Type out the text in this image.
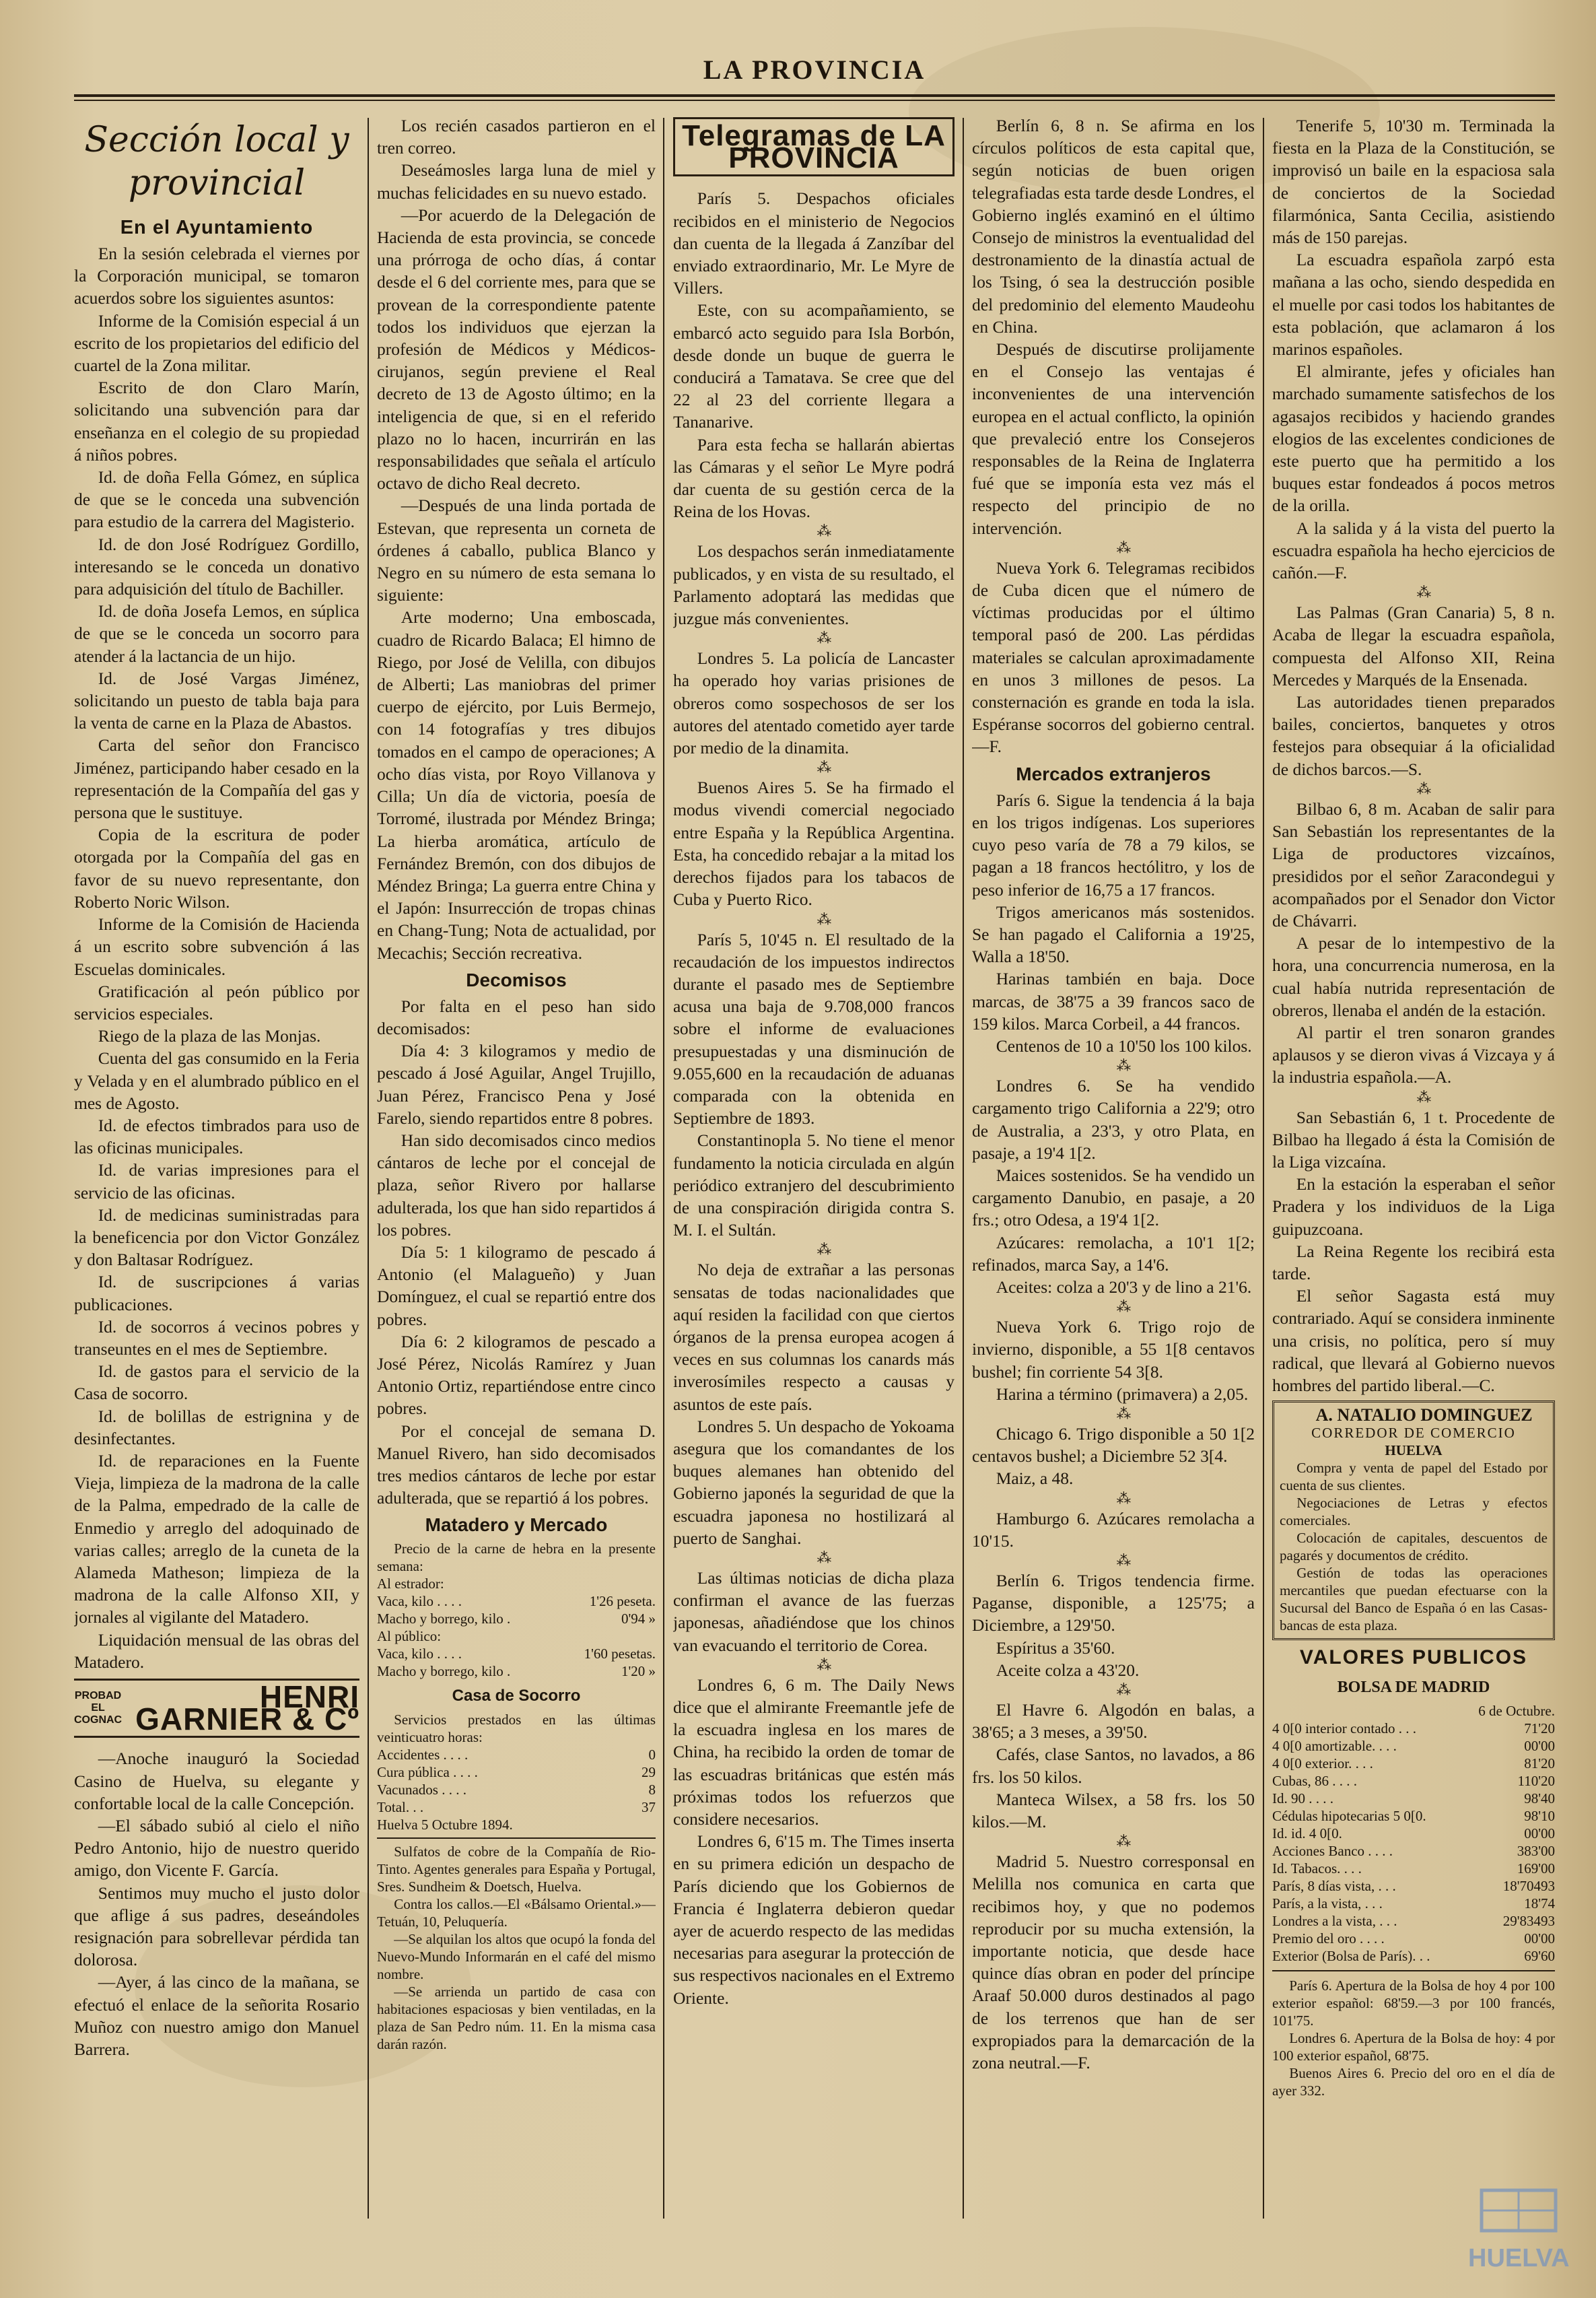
LA PROVINCIA

Sección local y provincial

En el Ayuntamiento

En la sesión celebrada el viernes por la Corporación municipal, se tomaron acuerdos sobre los siguientes asuntos:

Informe de la Comisión especial á un escrito de los propietarios del edificio del cuartel de la Zona militar.

Escrito de don Claro Marín, solicitando una subvención para dar enseñanza en el colegio de su propiedad á niños pobres.

Id. de doña Fella Gómez, en súplica de que se le conceda una subvención para estudio de la carrera del Magisterio.

Id. de don José Rodríguez Gordillo, interesando se le conceda un donativo para adquisición del título de Bachiller.

Id. de doña Josefa Lemos, en súplica de que se le conceda un socorro para atender á la lactancia de un hijo.

Id. de José Vargas Jiménez, solicitando un puesto de tabla baja para la venta de carne en la Plaza de Abastos.

Carta del señor don Francisco Jiménez, participando haber cesado en la representación de la Compañía del gas y persona que le sustituye.

Copia de la escritura de poder otorgada por la Compañía del gas en favor de su nuevo representante, don Roberto Noric Wilson.

Informe de la Comisión de Hacienda á un escrito sobre subvención á las Escuelas dominicales.

Gratificación al peón público por servicios especiales.

Riego de la plaza de las Monjas.

Cuenta del gas consumido en la Feria y Velada y en el alumbrado público en el mes de Agosto.

Id. de efectos timbrados para uso de las oficinas municipales.

Id. de varias impresiones para el servicio de las oficinas.

Id. de medicinas suministradas para la beneficencia por don Victor González y don Baltasar Rodríguez.

Id. de suscripciones á varias publicaciones.

Id. de socorros á vecinos pobres y transeuntes en el mes de Septiembre.

Id. de gastos para el servicio de la Casa de socorro.

Id. de bolillas de estrignina y de desinfectantes.

Id. de reparaciones en la Fuente Vieja, limpieza de la madrona de la calle de la Palma, empedrado de la calle de Enmedio y arreglo del adoquinado de varias calles; arreglo de la cuneta de la Alameda Matheson; limpieza de la madrona de la calle Alfonso XII, y jornales al vigilante del Matadero.

Liquidación mensual de las obras del Matadero.

PROBAD EL COGNAC
HENRI GARNIER & Cº

—Anoche inauguró la Sociedad Casino de Huelva, su elegante y confortable local de la calle Concepción.

—El sábado subió al cielo el niño Pedro Antonio, hijo de nuestro querido amigo, don Vicente F. García.

Sentimos muy mucho el justo dolor que aflige á sus padres, deseándoles resignación para sobrellevar pérdida tan dolorosa.

—Ayer, á las cinco de la mañana, se efectuó el enlace de la señorita Rosario Muñoz con nuestro amigo don Manuel Barrera.

Los recién casados partieron en el tren correo.

Deseámosles larga luna de miel y muchas felicidades en su nuevo estado.

—Por acuerdo de la Delegación de Hacienda de esta provincia, se concede una prórroga de ocho días, á contar desde el 6 del corriente mes, para que se provean de la correspondiente patente todos los individuos que ejerzan la profesión de Médicos y Médicos-cirujanos, según previene el Real decreto de 13 de Agosto último; en la inteligencia de que, si en el referido plazo no lo hacen, incurrirán en las responsabilidades que señala el artículo octavo de dicho Real decreto.

—Después de una linda portada de Estevan, que representa un corneta de órdenes á caballo, publica Blanco y Negro en su número de esta semana lo siguiente:

Arte moderno; Una emboscada, cuadro de Ricardo Balaca; El himno de Riego, por José de Velilla, con dibujos de Alberti; Las maniobras del primer cuerpo de ejército, por Luis Bermejo, con 14 fotografías y tres dibujos tomados en el campo de operaciones; A ocho días vista, por Royo Villanova y Cilla; Un día de victoria, poesía de Torromé, ilustrada por Méndez Bringa; La hierba aromática, artículo de Fernández Bremón, con dos dibujos de Méndez Bringa; La guerra entre China y el Japón: Insurrección de tropas chinas en Chang-Tung; Nota de actualidad, por Mecachis; Sección recreativa.

Decomisos

Por falta en el peso han sido decomisados:

Día 4: 3 kilogramos y medio de pescado á José Aguilar, Angel Trujillo, Juan Pérez, Francisco Pena y José Farelo, siendo repartidos entre 8 pobres.

Han sido decomisados cinco medios cántaros de leche por el concejal de plaza, señor Rivero por hallarse adulterada, los que han sido repartidos á los pobres.

Día 5: 1 kilogramo de pescado á Antonio (el Malagueño) y Juan Domínguez, el cual se repartió entre dos pobres.

Día 6: 2 kilogramos de pescado a José Pérez, Nicolás Ramírez y Juan Antonio Ortiz, repartiéndose entre cinco pobres.

Por el concejal de semana D. Manuel Rivero, han sido decomisados tres medios cántaros de leche por estar adulterada, que se repartió á los pobres.

Matadero y Mercado

Precio de la carne de hebra en la presente semana:

Al estrador:	
Vaca, kilo . . . .	1'26 peseta.
Macho y borrego, kilo .	0'94 »
Al público:	
Vaca, kilo . . . .	1'60 pesetas.
Macho y borrego, kilo .	1'20 »

Casa de Socorro

Servicios prestados en las últimas veinticuatro horas:

Accidentes . . . .	0
Cura pública . . . .	29
Vacunados . . . .	8
Total. . .	37

Huelva 5 Octubre 1894.

Sulfatos de cobre de la Compañía de Rio-Tinto. Agentes generales para España y Portugal, Sres. Sundheim & Doetsch, Huelva.

Contra los callos.—El «Bálsamo Oriental.»—Tetuán, 10, Peluquería.

—Se alquilan los altos que ocupó la fonda del Nuevo-Mundo Informarán en el café del mismo nombre.

—Se arrienda un partido de casa con habitaciones espaciosas y bien ventiladas, en la plaza de San Pedro núm. 11. En la misma casa darán razón.

Telegramas de LA PROVINCIA

París 5. Despachos oficiales recibidos en el ministerio de Negocios dan cuenta de la llegada á Zanzíbar del enviado extraordinario, Mr. Le Myre de Villers.

Este, con su acompañamiento, se embarcó acto seguido para Isla Borbón, desde donde un buque de guerra le conducirá a Tamatava. Se cree que del 22 al 23 del corriente llegara a Tananarive.

Para esta fecha se hallarán abiertas las Cámaras y el señor Le Myre podrá dar cuenta de su gestión cerca de la Reina de los Hovas.

⁂

Los despachos serán inmediatamente publicados, y en vista de su resultado, el Parlamento adoptará las medidas que juzgue más convenientes.

⁂

Londres 5. La policía de Lancaster ha operado hoy varias prisiones de obreros como sospechosos de ser los autores del atentado cometido ayer tarde por medio de la dinamita.

⁂

Buenos Aires 5. Se ha firmado el modus vivendi comercial negociado entre España y la República Argentina. Esta, ha concedido rebajar a la mitad los derechos fijados para los tabacos de Cuba y Puerto Rico.

⁂

París 5, 10'45 n. El resultado de la recaudación de los impuestos indirectos durante el pasado mes de Septiembre acusa una baja de 9.708,000 francos sobre el informe de evaluaciones presupuestadas y una disminución de 9.055,600 en la recaudación de aduanas comparada con la obtenida en Septiembre de 1893.

Constantinopla 5. No tiene el menor fundamento la noticia circulada en algún periódico extranjero del descubrimiento de una conspiración dirigida contra S. M. I. el Sultán.

⁂

No deja de extrañar a las personas sensatas de todas nacionalidades que aquí residen la facilidad con que ciertos órganos de la prensa europea acogen á veces en sus columnas los canards más inverosímiles respecto a causas y asuntos de este país.

Londres 5. Un despacho de Yokoama asegura que los comandantes de los buques alemanes han obtenido del Gobierno japonés la seguridad de que la escuadra japonesa no hostilizará al puerto de Sanghai.

⁂

Las últimas noticias de dicha plaza confirman el avance de las fuerzas japonesas, añadiéndose que los chinos van evacuando el territorio de Corea.

⁂

Londres 6, 6 m. The Daily News dice que el almirante Freemantle jefe de la escuadra inglesa en los mares de China, ha recibido la orden de tomar de las escuadras británicas que estén más próximas todos los refuerzos que considere necesarios.

Londres 6, 6'15 m. The Times inserta en su primera edición un despacho de París diciendo que los Gobiernos de Francia é Inglaterra debieron quedar ayer de acuerdo respecto de las medidas necesarias para asegurar la protección de sus respectivos nacionales en el Extremo Oriente.

Berlín 6, 8 n. Se afirma en los círculos políticos de esta capital que, según noticias de buen origen telegrafiadas esta tarde desde Londres, el Gobierno inglés examinó en el último Consejo de ministros la eventualidad del destronamiento de la dinastía actual de los Tsing, ó sea la destrucción posible del predominio del elemento Maudeohu en China.

Después de discutirse prolijamente en el Consejo las ventajas é inconvenientes de una intervención europea en el actual conflicto, la opinión que prevaleció entre los Consejeros responsables de la Reina de Inglaterra fué que se imponía esta vez más el respecto del principio de no intervención.

⁂

Nueva York 6. Telegramas recibidos de Cuba dicen que el número de víctimas producidas por el último temporal pasó de 200. Las pérdidas materiales se calculan aproximadamente en unos 3 millones de pesos. La consternación es grande en toda la isla. Espéranse socorros del gobierno central.—F.

Mercados extranjeros

París 6. Sigue la tendencia á la baja en los trigos indígenas. Los superiores cuyo peso varía de 78 a 79 kilos, se pagan a 18 francos hectólitro, y los de peso inferior de 16,75 a 17 francos.

Trigos americanos más sostenidos. Se han pagado el California a 19'25, Walla a 18'50.

Harinas también en baja. Doce marcas, de 38'75 a 39 francos saco de 159 kilos. Marca Corbeil, a 44 francos.

Centenos de 10 a 10'50 los 100 kilos.

⁂

Londres 6. Se ha vendido cargamento trigo California a 22'9; otro de Australia, a 23'3, y otro Plata, en pasaje, a 19'4 1[2.

Maices sostenidos. Se ha vendido un cargamento Danubio, en pasaje, a 20 frs.; otro Odesa, a 19'4 1[2.

Azúcares: remolacha, a 10'1 1[2; refinados, marca Say, a 14'6.

Aceites: colza a 20'3 y de lino a 21'6.

⁂

Nueva York 6. Trigo rojo de invierno, disponible, a 55 1[8 centavos bushel; fin corriente 54 3[8.

Harina a término (primavera) a 2,05.

⁂

Chicago 6. Trigo disponible a 50 1[2 centavos bushel; a Diciembre 52 3[4.

Maiz, a 48.

⁂

Hamburgo 6. Azúcares remolacha a 10'15.

⁂

Berlín 6. Trigos tendencia firme. Paganse, disponible, a 125'75; a Diciembre, a 129'50.

Espíritus a 35'60.

Aceite colza a 43'20.

⁂

El Havre 6. Algodón en balas, a 38'65; a 3 meses, a 39'50.

Cafés, clase Santos, no lavados, a 86 frs. los 50 kilos.

Manteca Wilsex, a 58 frs. los 50 kilos.—M.

⁂

Madrid 5. Nuestro corresponsal en Melilla nos comunica en carta que recibimos hoy, y que no podemos reproducir por su mucha extensión, la importante noticia, que desde hace quince días obran en poder del príncipe Araaf 50.000 duros destinados al pago de los terrenos que han de ser expropiados para la demarcación de la zona neutral.—F.

Tenerife 5, 10'30 m. Terminada la fiesta en la Plaza de la Constitución, se improvisó un baile en la espaciosa sala de conciertos de la Sociedad filarmónica, Santa Cecilia, asistiendo más de 150 parejas.

La escuadra española zarpó esta mañana a las ocho, siendo despedida en el muelle por casi todos los habitantes de esta población, que aclamaron á los marinos españoles.

El almirante, jefes y oficiales han marchado sumamente satisfechos de los agasajos recibidos y haciendo grandes elogios de las excelentes condiciones de este puerto que ha permitido a los buques estar fondeados á pocos metros de la orilla.

A la salida y á la vista del puerto la escuadra española ha hecho ejercicios de cañón.—F.

⁂

Las Palmas (Gran Canaria) 5, 8 n. Acaba de llegar la escuadra española, compuesta del Alfonso XII, Reina Mercedes y Marqués de la Ensenada.

Las autoridades tienen preparados bailes, conciertos, banquetes y otros festejos para obsequiar á la oficialidad de dichos barcos.—S.

⁂

Bilbao 6, 8 m. Acaban de salir para San Sebastián los representantes de la Liga de productores vizcaínos, presididos por el señor Zaracondegui y acompañados por el Senador don Victor de Chávarri.

A pesar de lo intempestivo de la hora, una concurrencia numerosa, en la cual había nutrida representación de obreros, llenaba el andén de la estación.

Al partir el tren sonaron grandes aplausos y se dieron vivas á Vizcaya y á la industria española.—A.

⁂

San Sebastián 6, 1 t. Procedente de Bilbao ha llegado á ésta la Comisión de la Liga vizcaína.

En la estación la esperaban el señor Pradera y los individuos de la Liga guipuzcoana.

La Reina Regente los recibirá esta tarde.

El señor Sagasta está muy contrariado. Aquí se considera inminente una crisis, no política, pero sí muy radical, que llevará al Gobierno nuevos hombres del partido liberal.—C.

A. NATALIO DOMINGUEZ

CORREDOR DE COMERCIO

HUELVA

Compra y venta de papel del Estado por cuenta de sus clientes.

Negociaciones de Letras y efectos comerciales.

Colocación de capitales, descuentos de pagarés y documentos de crédito.

Gestión de todas las operaciones mercantiles que puedan efectuarse con la Sucursal del Banco de España ó en las Casas-bancas de esta plaza.

VALORES PUBLICOS

BOLSA DE MADRID

6 de Octubre.

4 0[0 interior contado . . .	71'20
4 0[0 amortizable. . . .	00'00
4 0[0 exterior. . . .	81'20
Cubas, 86 . . . .	110'20
Id. 90 . . . .	98'40
Cédulas hipotecarias 5 0[0.	98'10
Id. id. 4 0[0.	00'00
Acciones Banco . . . .	383'00
Id. Tabacos. . . .	169'00
París, 8 días vista, . . .	18'70493
París, a la vista, . . .	18'74
Londres a la vista, . . .	29'83493
Premio del oro . . . .	00'00
Exterior (Bolsa de París). . .	69'60

París 6. Apertura de la Bolsa de hoy 4 por 100 exterior español: 68'59.—3 por 100 francés, 101'75.

Londres 6. Apertura de la Bolsa de hoy: 4 por 100 exterior español, 68'75.

Buenos Aires 6. Precio del oro en el día de ayer 332.

HUELVA
